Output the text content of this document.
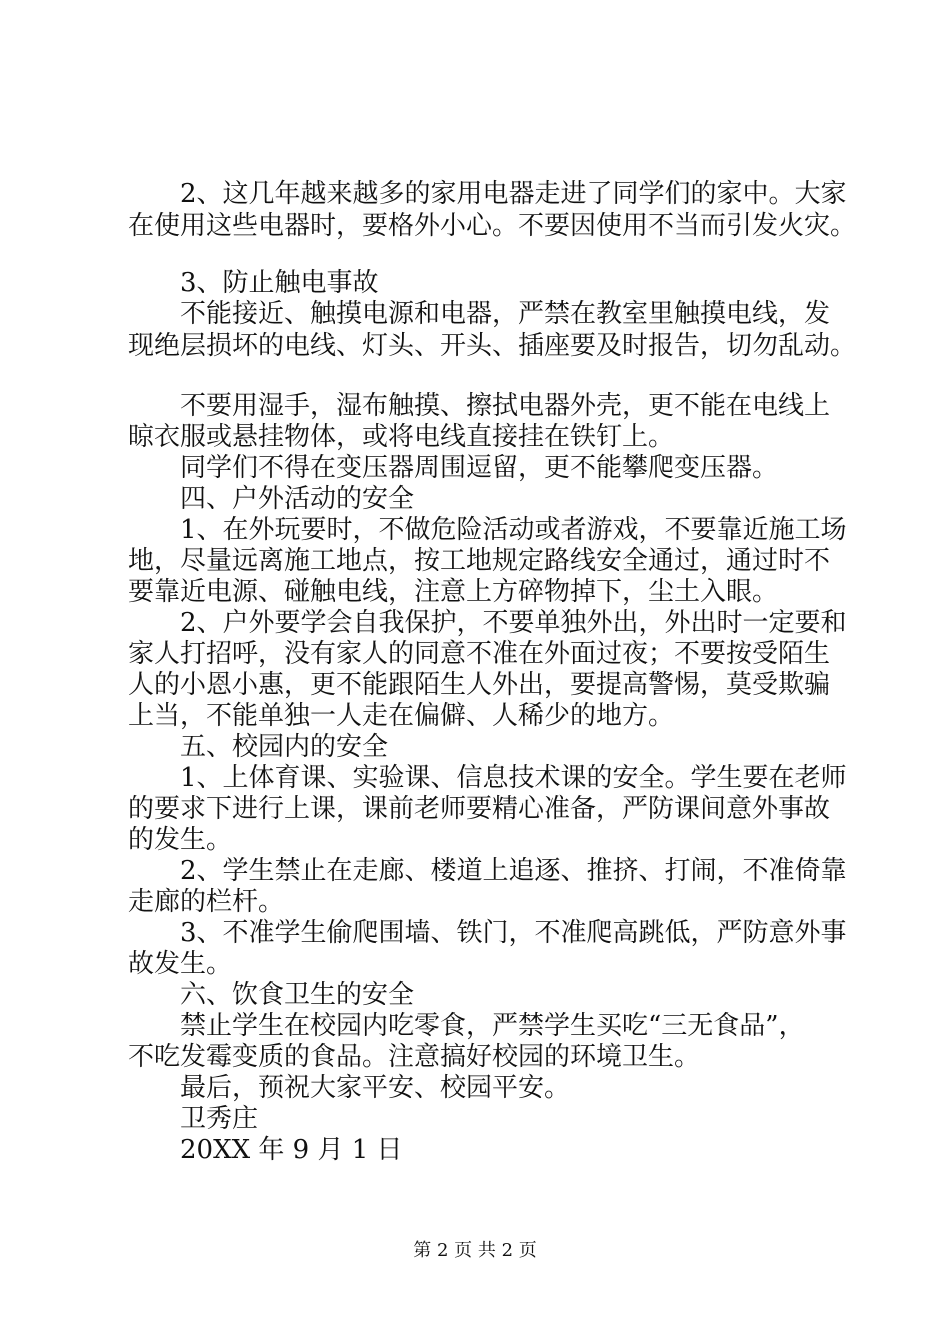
　　2、这几年越来越多的家用电器走进了同学们的家中。大家
在使用这些电器时，要格外小心。不要因使用不当而引发火灾。
　　3、防止触电事故
　　不能接近、触摸电源和电器，严禁在教室里触摸电线，发
现绝层损坏的电线、灯头、开头、插座要及时报告，切勿乱动。
　　不要用湿手，湿布触摸、擦拭电器外壳，更不能在电线上
晾衣服或悬挂物体，或将电线直接挂在铁钉上。
　　同学们不得在变压器周围逗留，更不能攀爬变压器。
　　四、户外活动的安全
　　1、在外玩要时，不做危险活动或者游戏，不要靠近施工场
地，尽量远离施工地点，按工地规定路线安全通过，通过时不
要靠近电源、碰触电线，注意上方碎物掉下，尘土入眼。
　　2、户外要学会自我保护，不要单独外出，外出时一定要和
家人打招呼，没有家人的同意不准在外面过夜；不要按受陌生
人的小恩小惠，更不能跟陌生人外出，要提高警惕，莫受欺骗
上当，不能单独一人走在偏僻、人稀少的地方。
　　五、校园内的安全
　　1、上体育课、实验课、信息技术课的安全。学生要在老师
的要求下进行上课，课前老师要精心准备，严防课间意外事故
的发生。
　　2、学生禁止在走廊、楼道上追逐、推挤、打闹，不准倚靠
走廊的栏杆。
　　3、不准学生偷爬围墙、铁门，不准爬高跳低，严防意外事
故发生。
　　六、饮食卫生的安全
　　禁止学生在校园内吃零食，严禁学生买吃“三无食品”，
不吃发霉变质的食品。注意搞好校园的环境卫生。
　　最后，预祝大家平安、校园平安。
　　卫秀庄
　　20XX 年 9 月 1 日
第 2 页 共 2 页
